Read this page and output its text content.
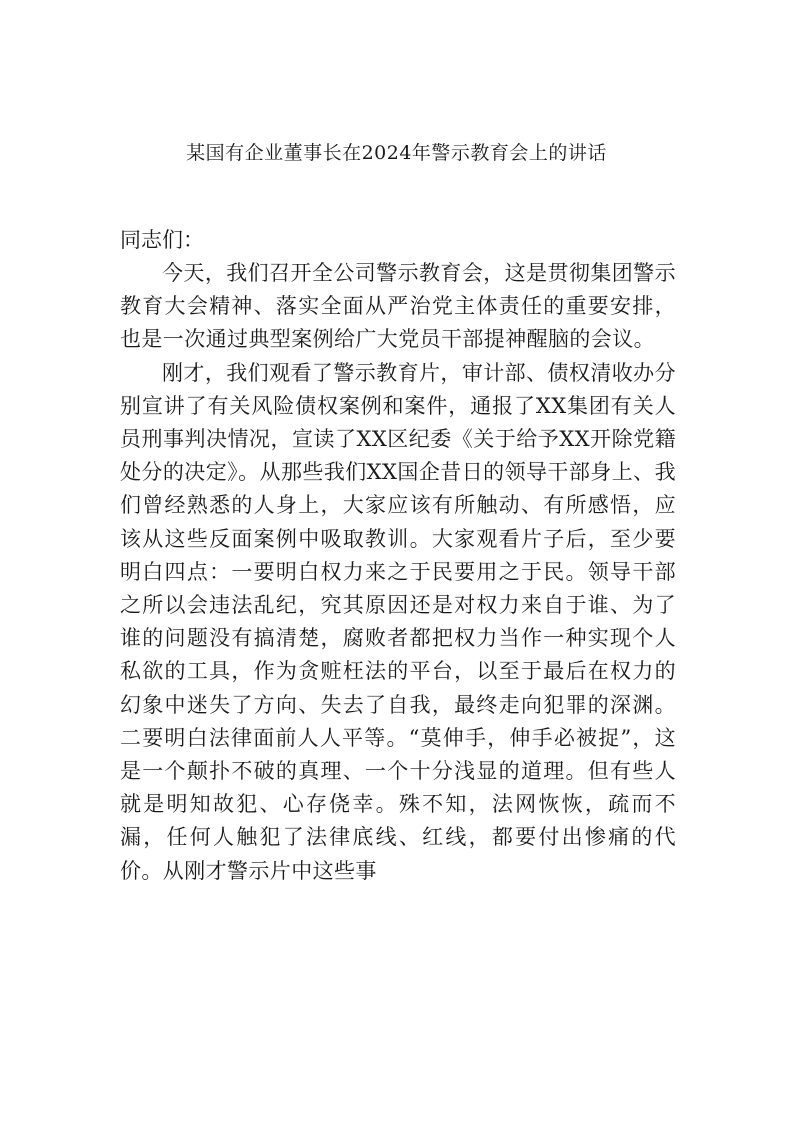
某国有企业董事长在2024年警示教育会上的讲话

同志们：

今天，我们召开全公司警示教育会，这是贯彻集团警示教育大会精神、落实全面从严治党主体责任的重要安排，也是一次通过典型案例给广大党员干部提神醒脑的会议。

刚才，我们观看了警示教育片，审计部、债权清收办分别宣讲了有关风险债权案例和案件，通报了XX集团有关人员刑事判决情况，宣读了XX区纪委《关于给予XX开除党籍处分的决定》。从那些我们XX国企昔日的领导干部身上、我们曾经熟悉的人身上，大家应该有所触动、有所感悟，应该从这些反面案例中吸取教训。大家观看片子后，至少要明白四点：一要明白权力来之于民要用之于民。领导干部之所以会违法乱纪，究其原因还是对权力来自于谁、为了谁的问题没有搞清楚，腐败者都把权力当作一种实现个人私欲的工具，作为贪赃枉法的平台，以至于最后在权力的幻象中迷失了方向、失去了自我，最终走向犯罪的深渊。二要明白法律面前人人平等。“莫伸手，伸手必被捉”，这是一个颠扑不破的真理、一个十分浅显的道理。但有些人就是明知故犯、心存侥幸。殊不知，法网恢恢，疏而不漏，任何人触犯了法律底线、红线，都要付出惨痛的代价。从刚才警示片中这些事
